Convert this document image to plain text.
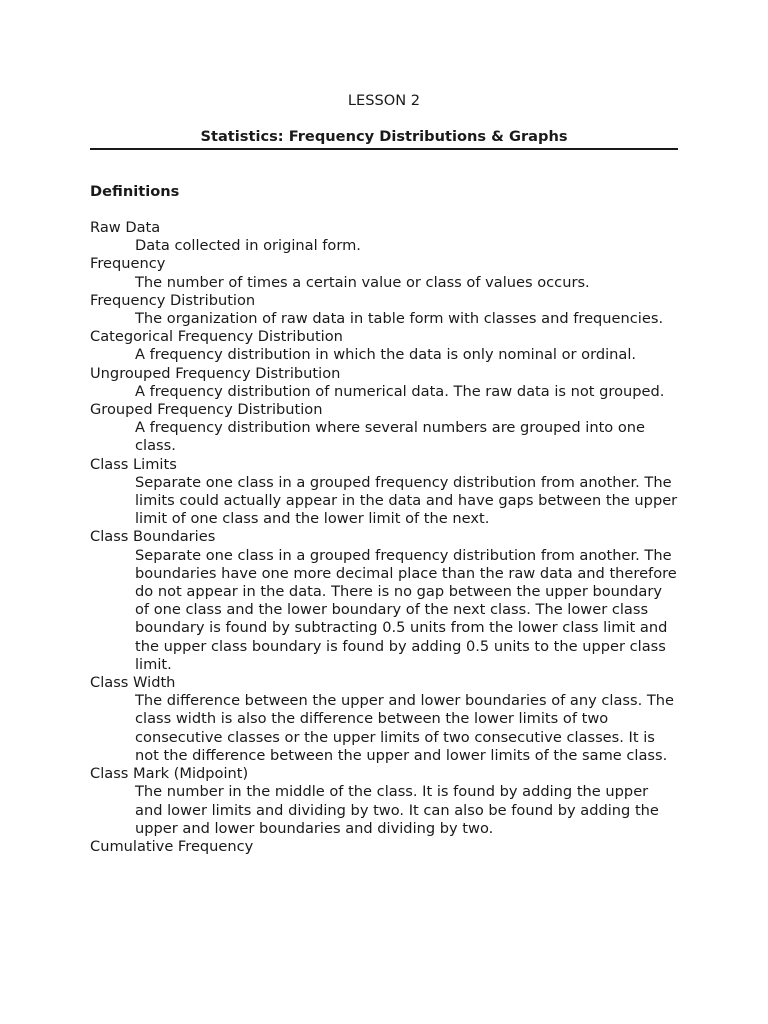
LESSON 2

Statistics: Frequency Distributions & Graphs

Definitions

Raw Data

Data collected in original form.

Frequency

The number of times a certain value or class of values occurs.

Frequency Distribution

The organization of raw data in table form with classes and frequencies.

Categorical Frequency Distribution

A frequency distribution in which the data is only nominal or ordinal.

Ungrouped Frequency Distribution

A frequency distribution of numerical data. The raw data is not grouped.

Grouped Frequency Distribution

A frequency distribution where several numbers are grouped into one class.

Class Limits

Separate one class in a grouped frequency distribution from another. The limits could actually appear in the data and have gaps between the upper limit of one class and the lower limit of the next.

Class Boundaries

Separate one class in a grouped frequency distribution from another. The boundaries have one more decimal place than the raw data and therefore do not appear in the data. There is no gap between the upper boundary of one class and the lower boundary of the next class. The lower class boundary is found by subtracting 0.5 units from the lower class limit and the upper class boundary is found by adding 0.5 units to the upper class limit.

Class Width

The difference between the upper and lower boundaries of any class. The class width is also the difference between the lower limits of two consecutive classes or the upper limits of two consecutive classes. It is not the difference between the upper and lower limits of the same class.

Class Mark (Midpoint)

The number in the middle of the class. It is found by adding the upper and lower limits and dividing by two. It can also be found by adding the upper and lower boundaries and dividing by two.

Cumulative Frequency
